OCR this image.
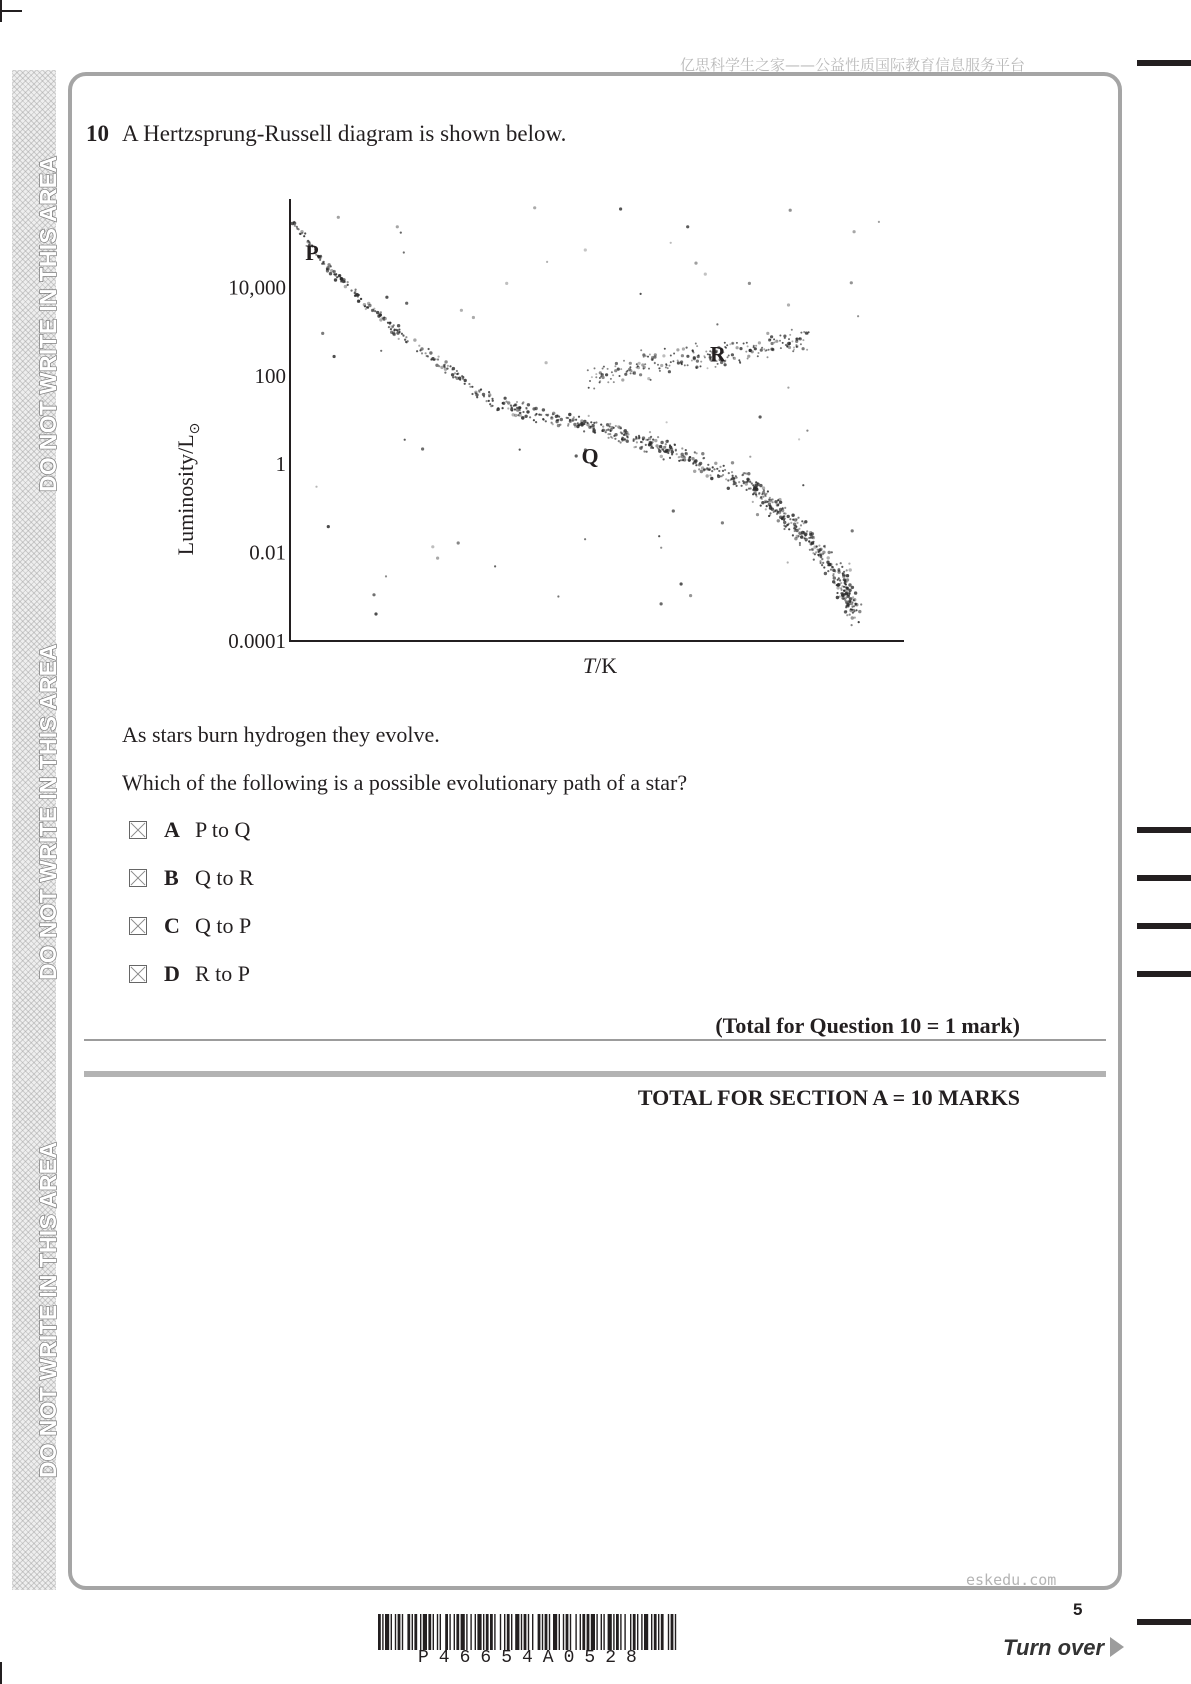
DO NOT WRITE IN THIS AREA
DO NOT WRITE IN THIS AREA
DO NOT WRITE IN THIS AREA
亿思科学生之家——公益性质国际教育信息服务平台
10 A Hertzsprung-Russell diagram is shown below.
10,000
100
1
0.01
0.0001
Luminosity/$L_⊙$
T/K
P
Q
R
As stars burn hydrogen they evolve.
Which of the following is a possible evolutionary path of a star?
A P to Q
B Q to R
C Q to P
D R to P
(Total for Question 10 = 1 mark)
TOTAL FOR SECTION A = 10 MARKS
eskedu.com
5
Turn over
P46654A0528
